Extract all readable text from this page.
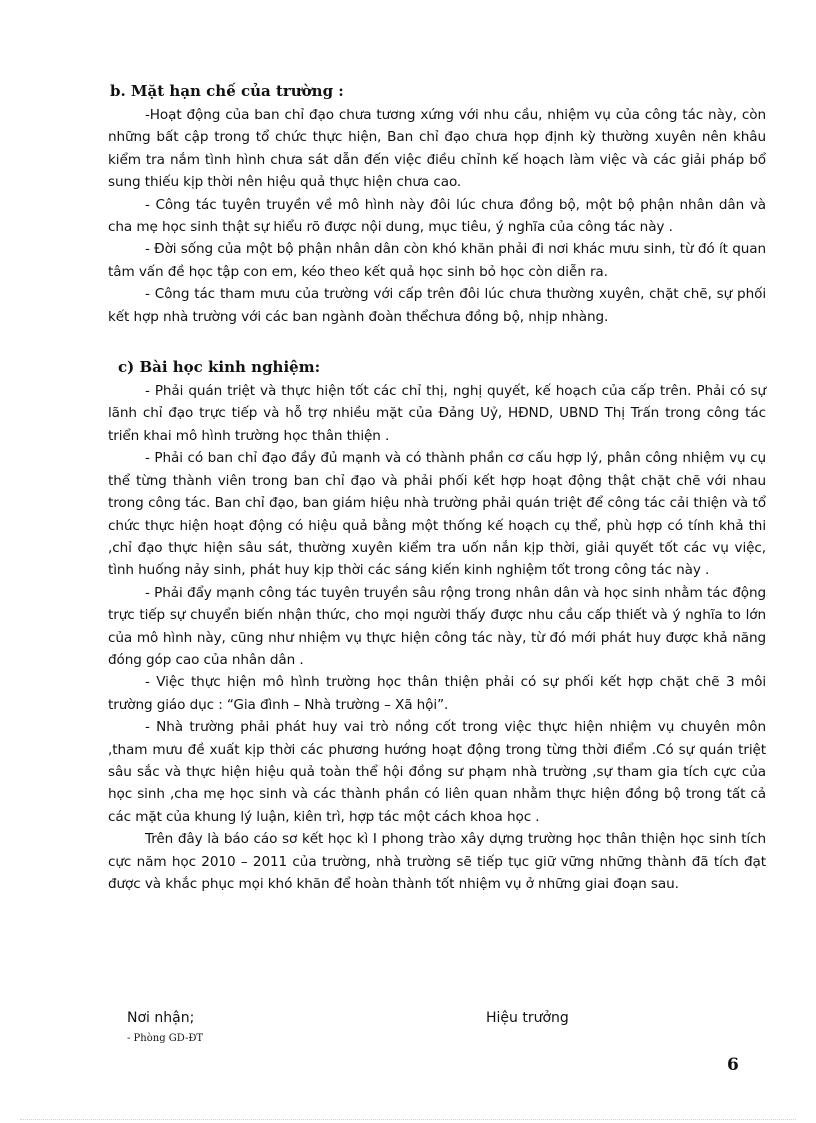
b. Mặt hạn chế của trường :

-Hoạt động của ban chỉ đạo chưa tương xứng với nhu cầu, nhiệm vụ của công tác này, còn những bất cập trong tổ chức thực hiện, Ban chỉ đạo chưa họp định kỳ thường xuyên nên khâu kiểm tra nắm tình hình chưa sát dẫn đến việc điều chỉnh kế hoạch làm việc và các giải pháp bổ sung thiếu kịp thời nên hiệu quả thực hiện chưa cao.

- Công tác tuyên truyền về mô hình này đôi lúc chưa đồng bộ, một bộ phận nhân dân và cha mẹ học sinh thật sự hiểu rõ được nội dung, mục tiêu, ý nghĩa của công tác này .

- Đời sống của một bộ phận nhân dân còn khó khăn phải đi nơi khác mưu sinh, từ đó ít quan tâm vấn đề học tập con em, kéo theo kết quả học sinh bỏ học còn diễn ra.

- Công tác tham mưu của trường với cấp trên đôi lúc chưa thường xuyên, chặt chẽ, sự phối kết hợp nhà trường với các ban ngành đoàn thểchưa đồng bộ, nhịp nhàng.

c) Bài học kinh nghiệm:

- Phải quán triệt và thực hiện tốt các chỉ thị, nghị quyết, kế hoạch của cấp trên. Phải có sự lãnh chỉ đạo trực tiếp và hỗ trợ nhiều mặt của Đảng Uỷ, HĐND, UBND Thị Trấn trong công tác triển khai mô hình trường học thân thiện .

- Phải có ban chỉ đạo đầy đủ mạnh và có thành phần cơ cấu hợp lý, phân công nhiệm vụ cụ thể từng thành viên trong ban chỉ đạo và phải phối kết hợp hoạt động thật chặt chẽ với nhau trong công tác. Ban chỉ đạo, ban giám hiệu nhà trường phải quán triệt để công tác cải thiện và tổ chức thực hiện hoạt động có hiệu quả bằng một thống kế hoạch cụ thể, phù hợp có tính khả thi ,chỉ đạo thực hiện sâu sát, thường xuyên kiểm tra uốn nắn kịp thời, giải quyết tốt các vụ việc, tình huống nảy sinh, phát huy kịp thời các sáng kiến kinh nghiệm tốt trong công tác này .

- Phải đẩy mạnh công tác tuyên truyền sâu rộng trong nhân dân và học sinh nhằm tác động trực tiếp sự chuyển biến nhận thức, cho mọi người thấy được nhu cầu cấp thiết và ý nghĩa to lớn của mô hình này, cũng như nhiệm vụ thực hiện công tác này, từ đó mới phát huy được khả năng đóng góp cao của nhân dân .

- Việc thực hiện mô hình trường học thân thiện phải có sự phối kết hợp chặt chẽ 3 môi trường giáo dục : “Gia đình – Nhà trường – Xã hội”.

- Nhà trường phải phát huy vai trò nồng cốt trong việc thực hiện nhiệm vụ chuyên môn ,tham mưu đề xuất kịp thời các phương hướng hoạt động trong từng thời điểm .Có sự quán triệt sâu sắc và thực hiện hiệu quả toàn thể hội đồng sư phạm nhà trường ,sự tham gia tích cực của học sinh ,cha mẹ học sinh và các thành phần có liên quan nhằm thực hiện đồng bộ trong tất cả các mặt của khung lý luận, kiên trì, hợp tác một cách khoa học .

Trên đây là báo cáo sơ kết học kì I phong trào xây dựng trường học thân thiện học sinh tích cực năm học 2010 – 2011 của trường, nhà trường sẽ tiếp tục giữ vững những thành đã tích đạt được và khắc phục mọi khó khăn để hoàn thành tốt nhiệm vụ ở những giai đoạn sau.

Nơi nhận;	Hiệu trưởng
- Phòng GD-ĐT
6
